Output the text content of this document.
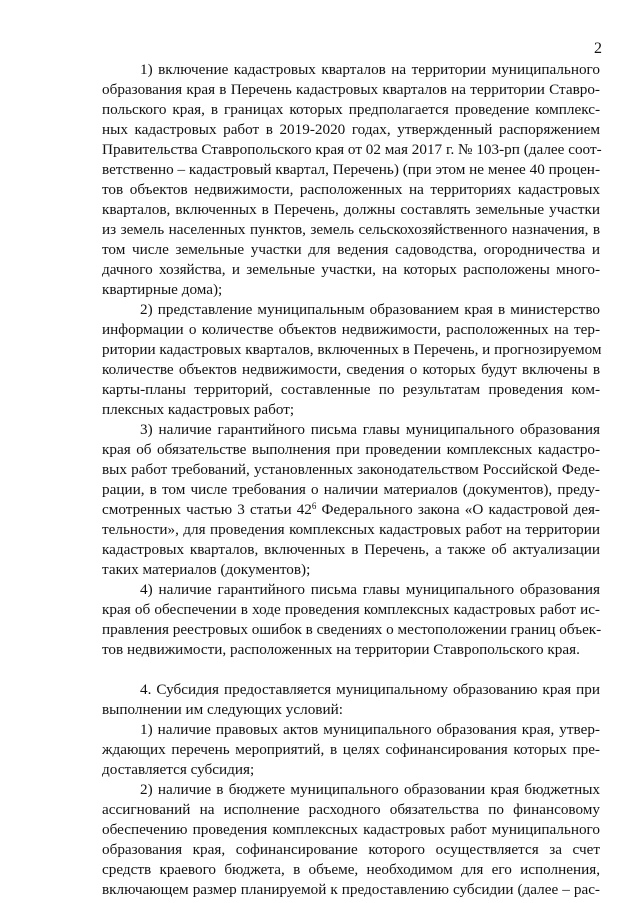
2
1) включение кадастровых кварталов на территории муниципального
образования края в Перечень кадастровых кварталов на территории Ставро-
польского края, в границах которых предполагается проведение комплекс-
ных кадастровых работ в 2019-2020 годах, утвержденный распоряжением
Правительства Ставропольского края от 02 мая 2017 г. № 103-рп (далее соот-
ветственно – кадастровый квартал, Перечень) (при этом не менее 40 процен-
тов объектов недвижимости, расположенных на территориях кадастровых
кварталов, включенных в Перечень, должны составлять земельные участки
из земель населенных пунктов, земель сельскохозяйственного назначения, в
том числе земельные участки для ведения садоводства, огородничества и
дачного хозяйства, и земельные участки, на которых расположены много-
квартирные дома);
2) представление муниципальным образованием края в министерство
информации о количестве объектов недвижимости, расположенных на тер-
ритории кадастровых кварталов, включенных в Перечень, и прогнозируемом
количестве объектов недвижимости, сведения о которых будут включены в
карты-планы территорий, составленные по результатам проведения ком-
плексных кадастровых работ;
3) наличие гарантийного письма главы муниципального образования
края об обязательстве выполнения при проведении комплексных кадастро-
вых работ требований, установленных законодательством Российской Феде-
рации, в том числе требования о наличии материалов (документов), преду-
смотренных частью 3 статьи $42^6$ Федерального закона «О кадастровой дея-
тельности», для проведения комплексных кадастровых работ на территории
кадастровых кварталов, включенных в Перечень, а также об актуализации
таких материалов (документов);
4) наличие гарантийного письма главы муниципального образования
края об обеспечении в ходе проведения комплексных кадастровых работ ис-
правления реестровых ошибок в сведениях о местоположении границ объек-
тов недвижимости, расположенных на территории Ставропольского края.
4. Субсидия предоставляется муниципальному образованию края при
выполнении им следующих условий:
1) наличие правовых актов муниципального образования края, утвер-
ждающих перечень мероприятий, в целях софинансирования которых пре-
доставляется субсидия;
2) наличие в бюджете муниципального образовании края бюджетных
ассигнований на исполнение расходного обязательства по финансовому
обеспечению проведения комплексных кадастровых работ муниципального
образования края, софинансирование которого осуществляется за счет
средств краевого бюджета, в объеме, необходимом для его исполнения,
включающем размер планируемой к предоставлению субсидии (далее – рас-
